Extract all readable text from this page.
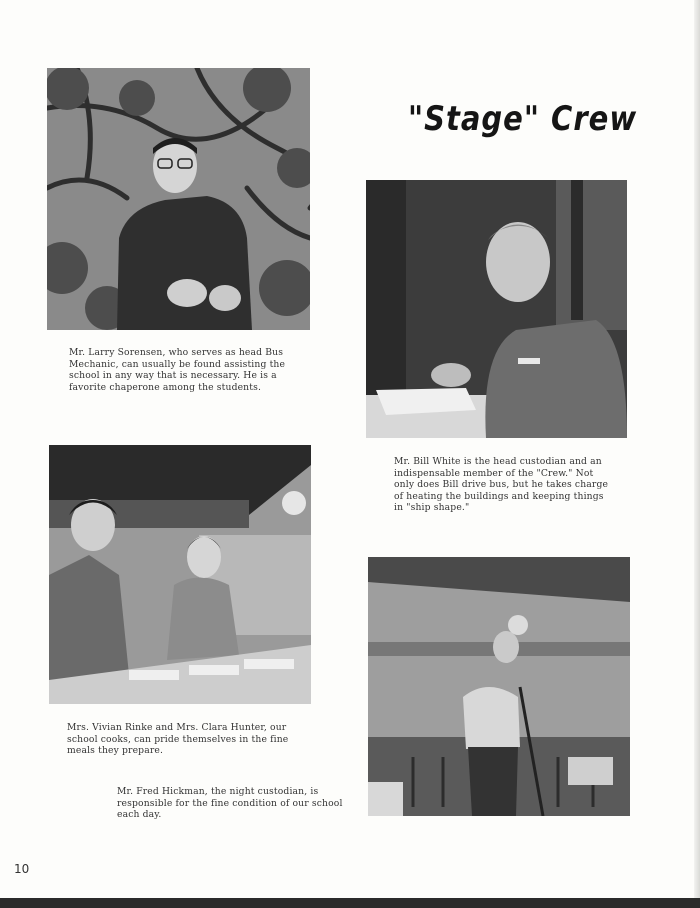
"Stage" Crew
Mr. Larry Sorensen, who serves as head Bus Mechanic, can usually be found assisting the school in any way that is necessary. He is a favorite chaperone among the students.
Mr. Bill White is the head custodian and an indispensable member of the "Crew." Not only does Bill drive bus, but he takes charge of heating the buildings and keeping things in "ship shape."
Mrs. Vivian Rinke and Mrs. Clara Hunter, our school cooks, can pride themselves in the fine meals they prepare.
Mr. Fred Hickman, the night custodian, is responsible for the fine condition of our school each day.
10
